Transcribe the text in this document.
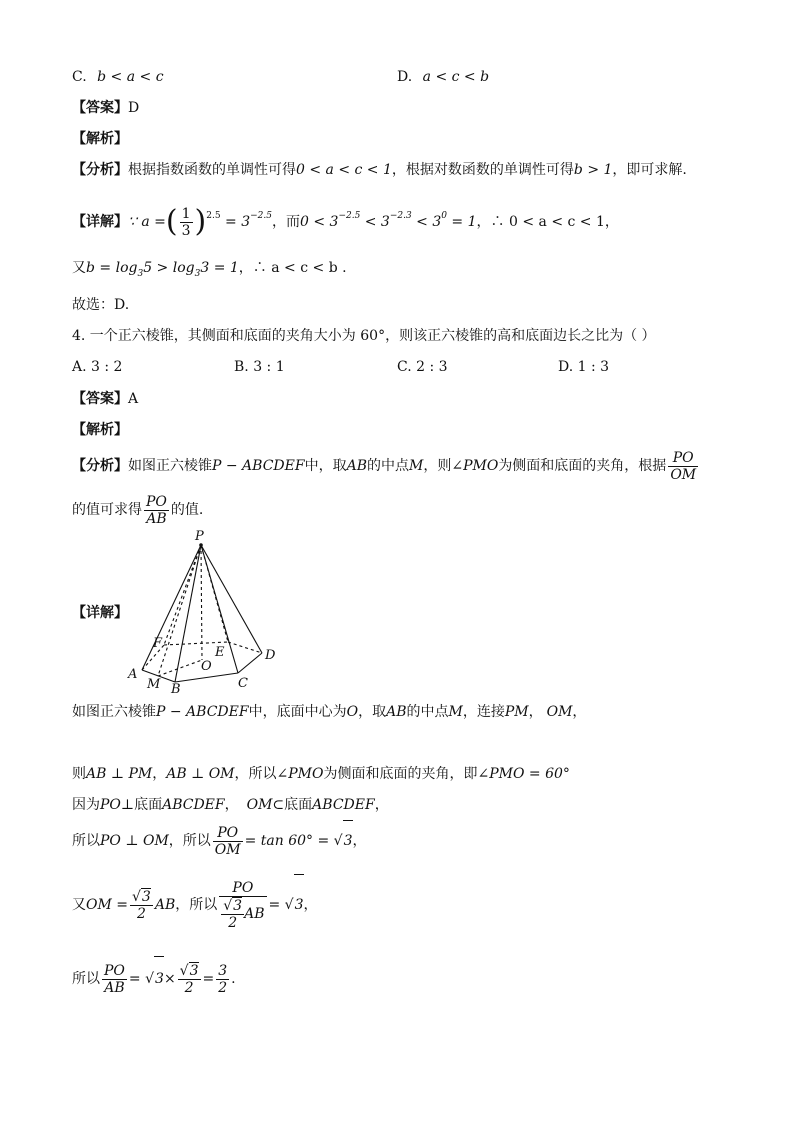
C. b < a < c	D. a < c < b
【答案】D
【解析】
【分析】根据指数函数的单调性可得0 < a < c < 1，根据对数函数的单调性可得b > 1，即可求解.
【详解】∵ a =( $\frac{1}{3} )^{2.5} = 3^{-2.5}$，而$0 < 3^{-2.5} < 3^{-2.3} < 3^0 = 1$，∴ 0 < a < c < 1，
又$b = \log_35 > \log_33 = 1$，∴ a < c < b .
故选：D.
4. 一个正六棱锥，其侧面和底面的夹角大小为 60°，则该正六棱锥的高和底面边长之比为（ ）
A. 3 : 2	B. 3 : 1	C. 2 : 3	D. 1 : 3
【答案】A
【解析】
【分析】如图正六棱锥P − ABCDEF中，取AB的中点M，则∠PMO为侧面和底面的夹角，根据 $\frac{PO}{OM}$
的值可求得 $\frac{PO}{AB}$ 的值.
【详解】
P
A
M B	C
D
E
F
O
如图正六棱锥P − ABCDEF中，底面中心为O，取AB的中点M，连接PM， OM，
则AB ⊥ PM，AB ⊥ OM，所以∠PMO为侧面和底面的夹角，即∠PMO = 60°
因为PO⊥底面ABCDEF， OM⊂底面ABCDEF，
所以PO ⊥ OM，所以 $\frac{PO}{OM} = \tan 60^\circ = √3$，
又OM = $\frac{√3}{2}$ AB，所以 $\frac{PO}{\frac{√3}{2} AB} = √3$，
所以 $\frac{PO}{AB} = √3\times \frac{√3}{2} = \frac{3}{2}$ .
